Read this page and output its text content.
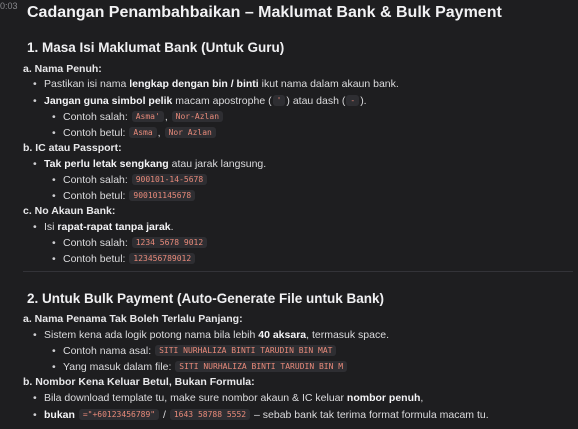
0:03 Cadangan Penambahbaikan – Maklumat Bank & Bulk Payment
1. Masa Isi Maklumat Bank (Untuk Guru)
a. Nama Penuh:
• Pastikan isi nama lengkap dengan bin / binti ikut nama dalam akaun bank.
• Jangan guna simbol pelik macam apostrophe ( ' ) atau dash ( - ).
• Contoh salah: Asma' , Nor-Azlan
• Contoh betul: Asma , Nor Azlan
b. IC atau Passport:
• Tak perlu letak sengkang atau jarak langsung.
• Contoh salah: 900101-14-5678
• Contoh betul: 900101145678
c. No Akaun Bank:
• Isi rapat-rapat tanpa jarak.
• Contoh salah: 1234 5678 9012
• Contoh betul: 123456789012
2. Untuk Bulk Payment (Auto-Generate File untuk Bank)
a. Nama Penama Tak Boleh Terlalu Panjang:
• Sistem kena ada logik potong nama bila lebih 40 aksara, termasuk space.
• Contoh nama asal: SITI NURHALIZA BINTI TARUDIN BIN MAT
• Yang masuk dalam file: SITI NURHALIZA BINTI TARUDIN BIN M
b. Nombor Kena Keluar Betul, Bukan Formula:
• Bila download template tu, make sure nombor akaun & IC keluar nombor penuh,
• bukan ="+60123456789" / 1643 58788 5552 – sebab bank tak terima format formula macam tu.
